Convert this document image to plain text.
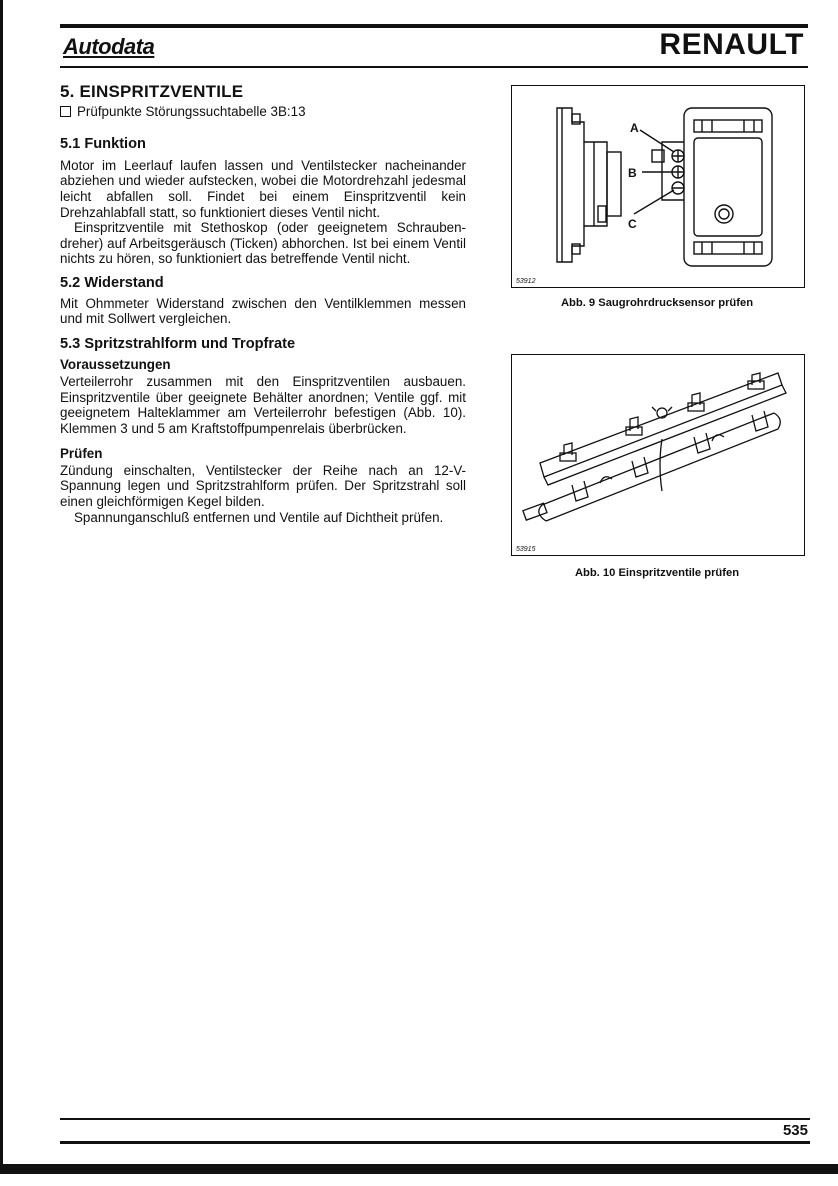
Autodata	RENAULT
5. EINSPRITZVENTILE
Prüfpunkte Störungssuchtabelle 3B:13
5.1 Funktion

Motor im Leerlauf laufen lassen und Ventilstecker nacheinander abziehen und wieder aufstecken, wobei die Motordrehzahl jedesmal leicht abfallen soll. Findet bei einem Einspritzventil kein Drehzahlabfall statt, so funktioniert dieses Ventil nicht.

Einspritzventile mit Stethoskop (oder geeignetem Schrauben-dreher) auf Arbeitsgeräusch (Ticken) abhorchen. Ist bei einem Ventil nichts zu hören, so funktioniert das betreffende Ventil nicht.

5.2 Widerstand

Mit Ohmmeter Widerstand zwischen den Ventilklemmen messen und mit Sollwert vergleichen.

5.3 Spritzstrahlform und Tropfrate
Voraussetzungen

Verteilerrohr zusammen mit den Einspritzventilen ausbauen. Einspritzventile über geeignete Behälter anordnen; Ventile ggf. mit geeignetem Halteklammer am Verteilerrohr befestigen (Abb. 10). Klemmen 3 und 5 am Kraftstoffpumpenrelais überbrücken.

Prüfen

Zündung einschalten, Ventilstecker der Reihe nach an 12-V-Spannung legen und Spritzstrahlform prüfen. Der Spritzstrahl soll einen gleichförmigen Kegel bilden.

Spannunganschluß entfernen und Ventile auf Dichtheit prüfen.

A
B
C
53912
Abb. 9 Saugrohrdrucksensor prüfen
53915
Abb. 10 Einspritzventile prüfen
535
